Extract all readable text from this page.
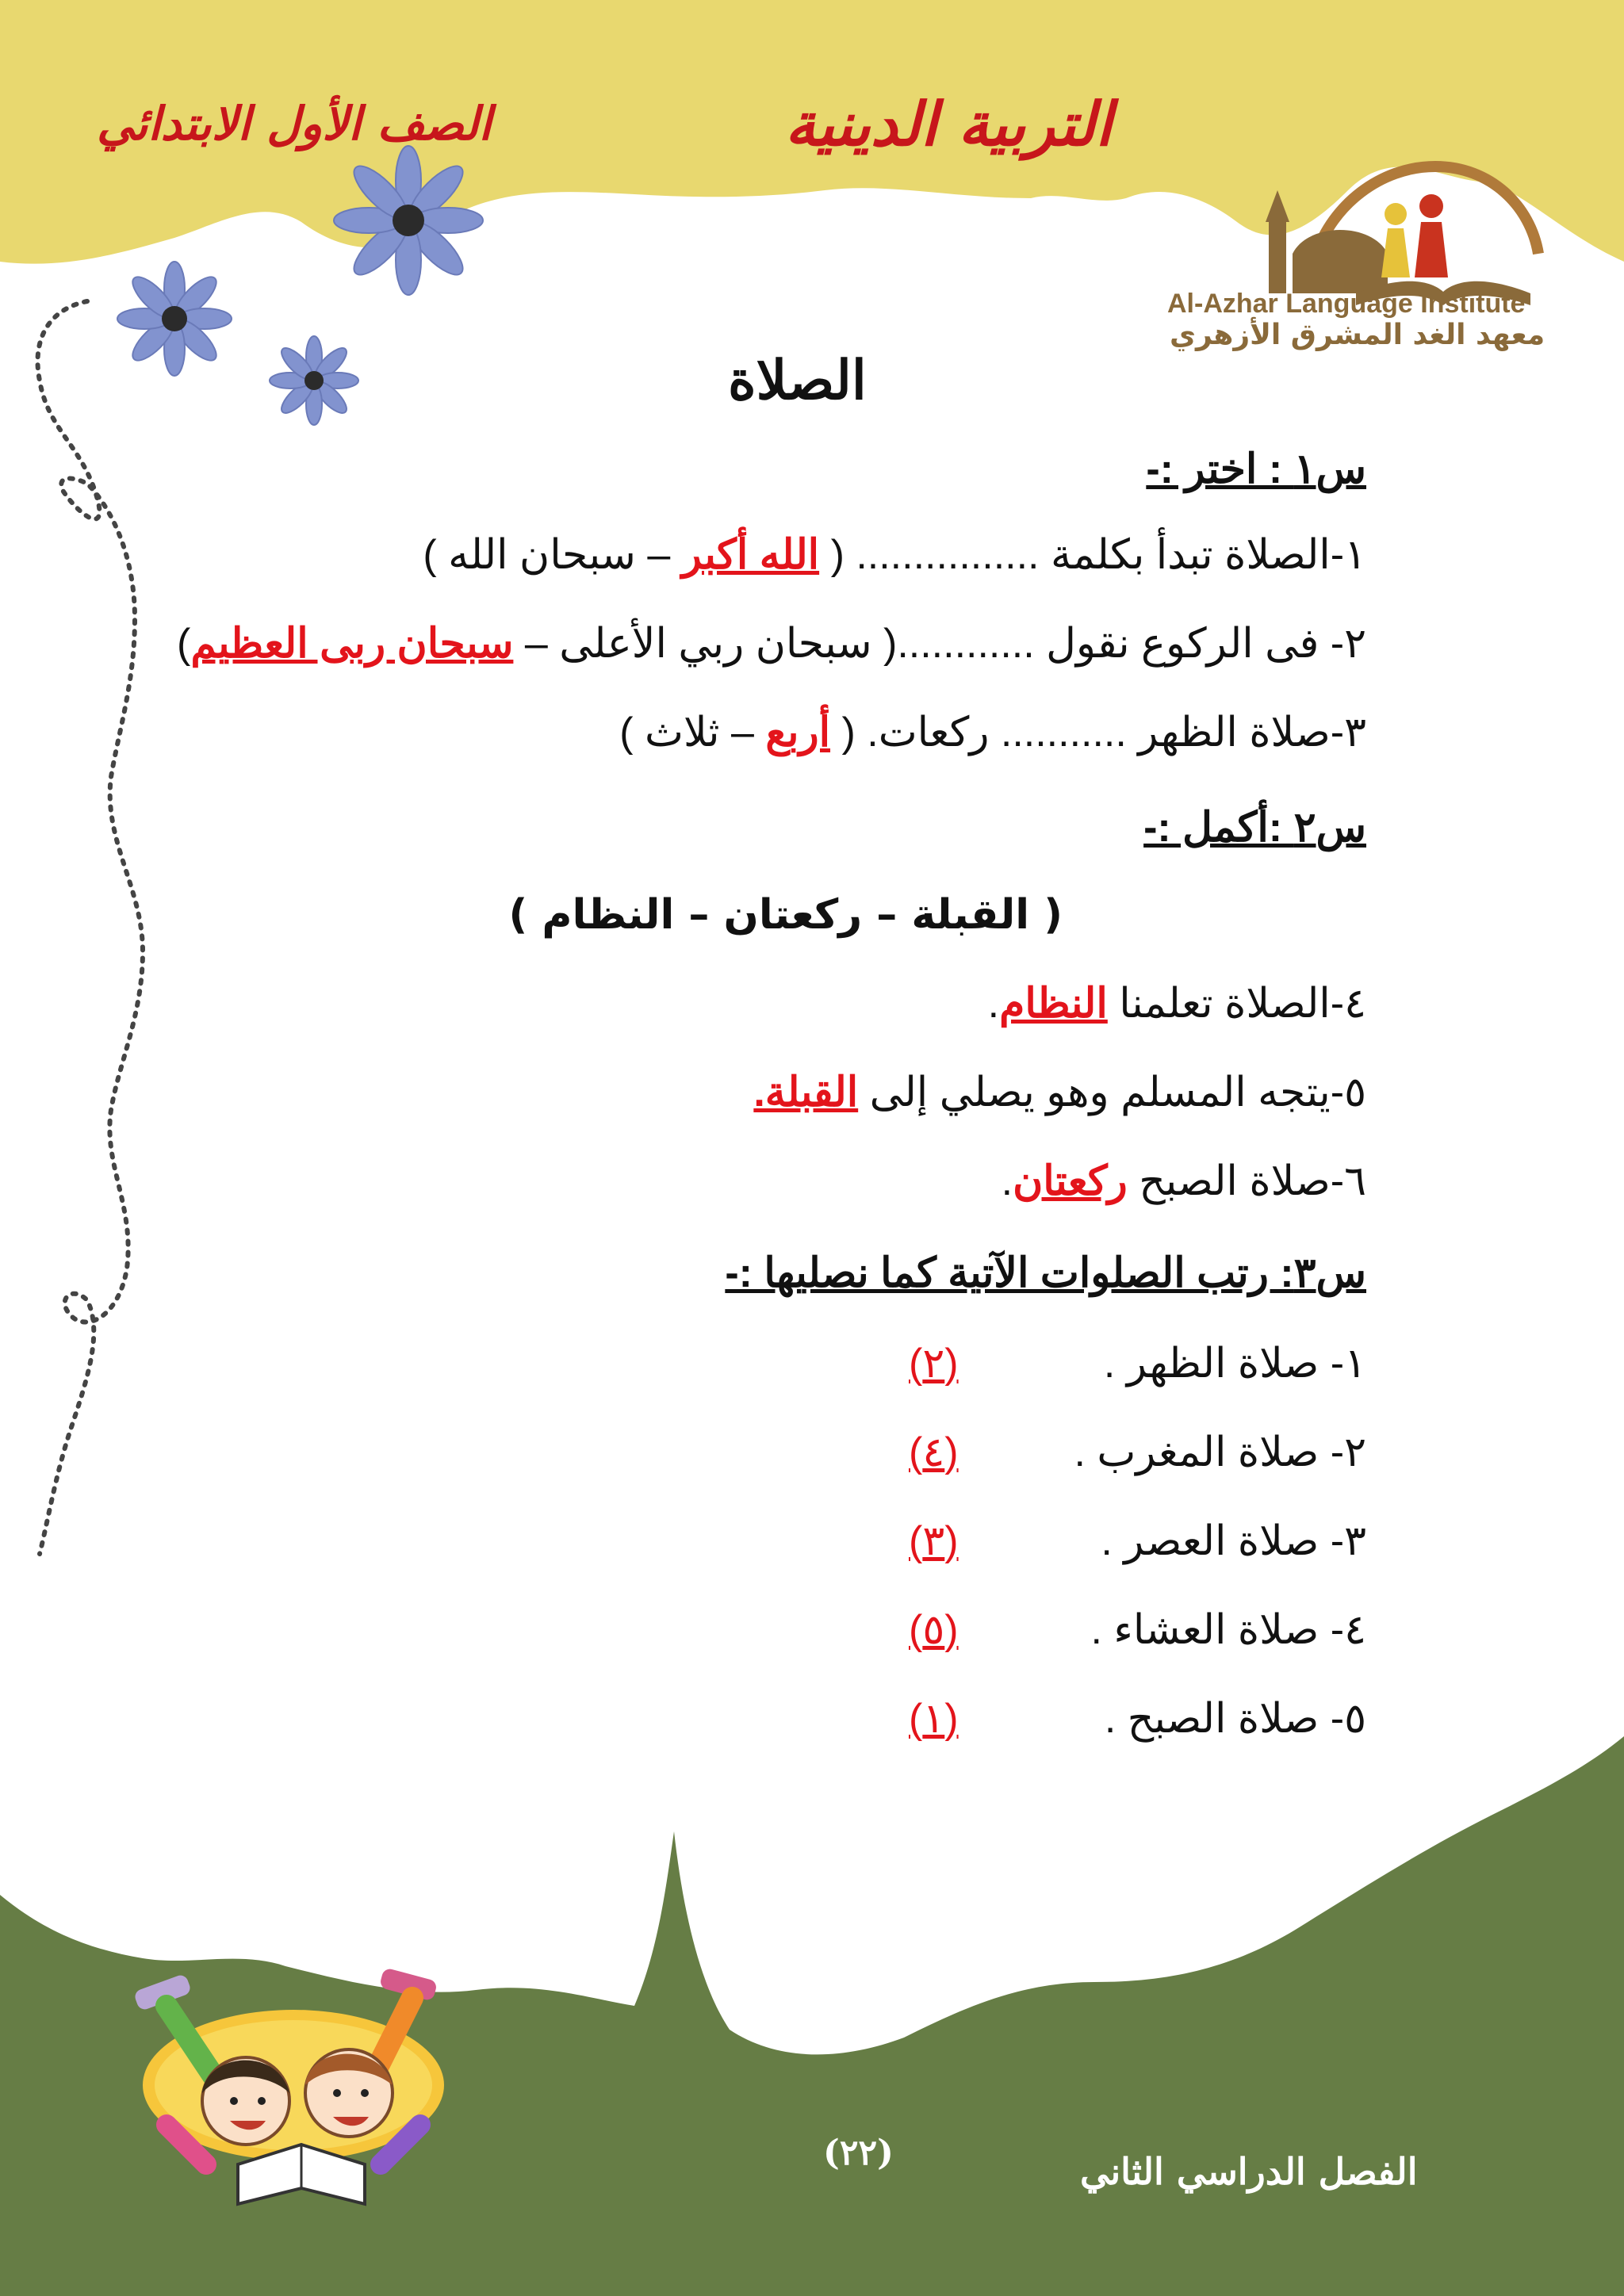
التربية الدينية
الصف الأول الابتدائي
Al-Azhar Language Institute
معهد الغد المشرق الأزهري
الصلاة
س١ : اختر :-
١-الصلاة تبدأ بكلمة ................ ( الله أكبر – سبحان الله )
٢- فى الركوع نقول ............( سبحان ربي الأعلى – سبحان ربى العظيم)
٣-صلاة الظهر ........... ركعات. ( أربع – ثلاث )
س٢ :أكمل :-
( القبلة – ركعتان – النظام )
٤-الصلاة تعلمنا النظام.
٥-يتجه المسلم وهو يصلي إلى القبلة.
٦-صلاة الصبح ركعتان.
س٣: رتب الصلوات الآتية كما نصليها :-
١- صلاة الظهر .
(٢)
٢- صلاة المغرب .
(٤)
٣- صلاة العصر .
(٣)
٤- صلاة العشاء .
(٥)
٥- صلاة الصبح .
(١)
(٢٢)	الفصل الدراسي الثاني
